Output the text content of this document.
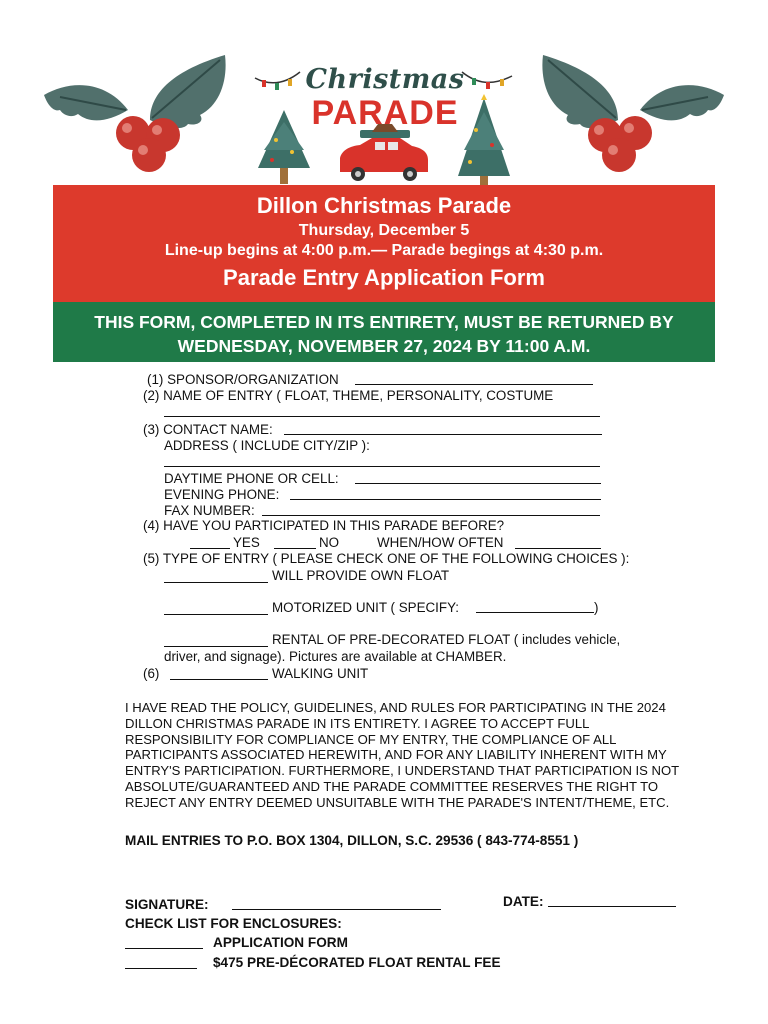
Christmas
PARADE
Dillon Christmas Parade
Thursday, December 5
Line-up begins at 4:00 p.m.— Parade begings at 4:30 p.m.
Parade Entry Application Form
THIS FORM, COMPLETED IN ITS ENTIRETY, MUST BE RETURNED BY
WEDNESDAY, NOVEMBER 27, 2024 BY 11:00 A.M.
(1) SPONSOR/ORGANIZATION
(2) NAME OF ENTRY ( FLOAT, THEME, PERSONALITY, COSTUME
(3) CONTACT NAME:
ADDRESS ( INCLUDE CITY/ZIP ):
DAYTIME PHONE OR CELL:
EVENING PHONE:
FAX NUMBER:
(4) HAVE YOU PARTICIPATED IN THIS PARADE BEFORE?
YES	NO	WHEN/HOW OFTEN
(5) TYPE OF ENTRY ( PLEASE CHECK ONE OF THE FOLLOWING CHOICES ):
WILL PROVIDE OWN FLOAT
MOTORIZED UNIT ( SPECIFY:	)
RENTAL OF PRE-DECORATED FLOAT ( includes vehicle,
driver, and signage). Pictures are available at CHAMBER.
(6)	WALKING UNIT
I HAVE READ THE POLICY, GUIDELINES, AND RULES FOR PARTICIPATING IN THE 2024 DILLON CHRISTMAS PARADE IN ITS ENTIRETY. I AGREE TO ACCEPT FULL RESPONSIBILITY FOR COMPLIANCE OF MY ENTRY, THE COMPLIANCE OF ALL PARTICIPANTS ASSOCIATED HEREWITH, AND FOR ANY LIABILITY INHERENT WITH MY ENTRY'S PARTICIPATION. FURTHERMORE, I UNDERSTAND THAT PARTICIPATION IS NOT ABSOLUTE/GUARANTEED AND THE PARADE COMMITTEE RESERVES THE RIGHT TO REJECT ANY ENTRY DEEMED UNSUITABLE WITH THE PARADE'S INTENT/THEME, ETC.
MAIL ENTRIES TO P.O. BOX 1304, DILLON, S.C. 29536 ( 843-774-8551 )
SIGNATURE:	DATE:
CHECK LIST FOR ENCLOSURES:
APPLICATION FORM
$475 PRE-DÉCORATED FLOAT RENTAL FEE
